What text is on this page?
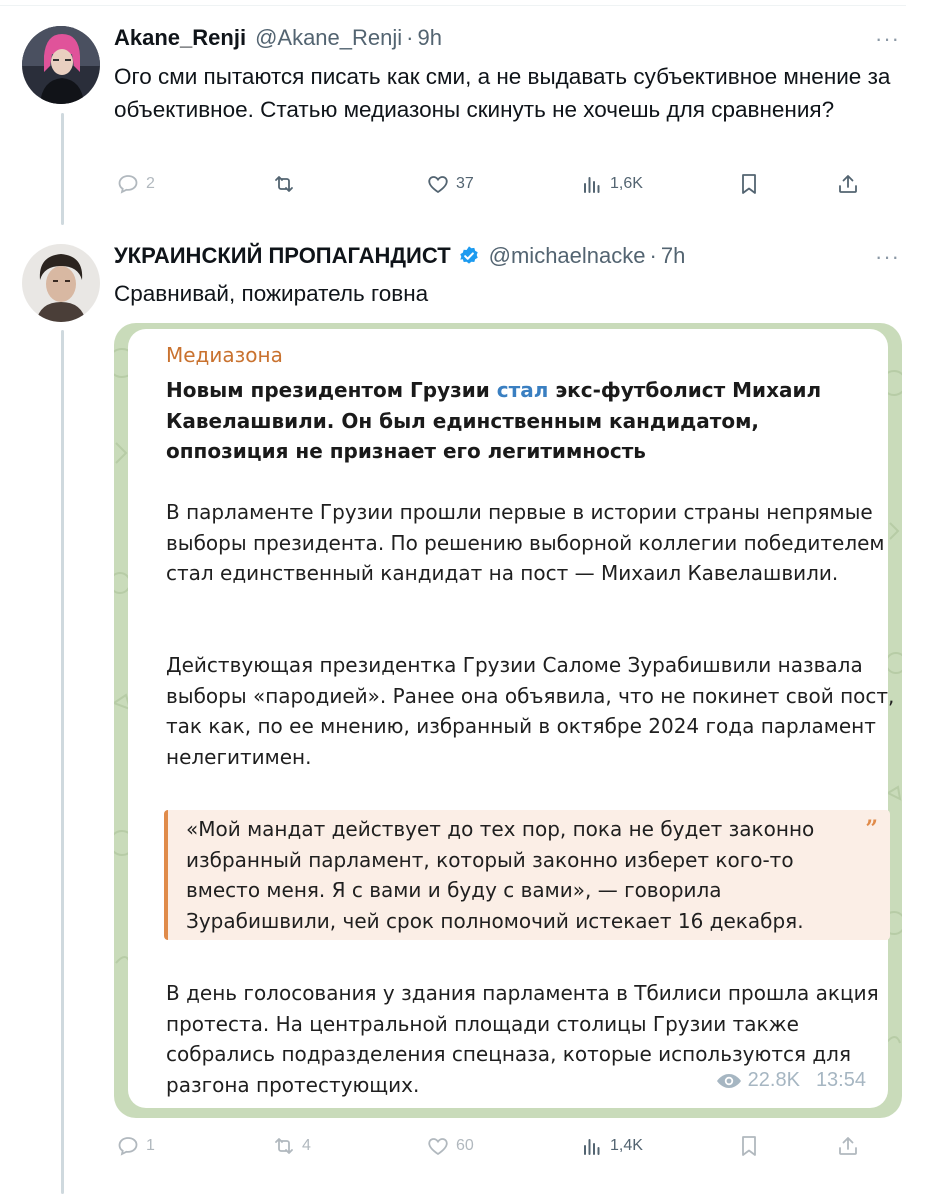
Akane_Renji @Akane_Renji · 9h	···
Ого сми пытаются писать как сми, а не выдавать субъективное мнение за объективное. Статью медиазоны скинуть не хочешь для сравнения?
2	37	1,6K
УКРАИНСКИЙ ПРОПАГАНДИСТ @michaelnacke · 7h	···
Сравнивай, пожиратель говна
Медиазона
Новым президентом Грузии стал экс-футболист Михаил Кавелашвили. Он был единственным кандидатом, оппозиция не признает его легитимность
В парламенте Грузии прошли первые в истории страны непрямые выборы президента. По решению выборной коллегии победителем стал единственный кандидат на пост — Михаил Кавелашвили.
Действующая президентка Грузии Саломе Зурабишвили назвала выборы «пародией». Ранее она объявила, что не покинет свой пост, так как, по ее мнению, избранный в октябре 2024 года парламент нелегитимен.
«Мой мандат действует до тех пор, пока не будет законно избранный парламент, который законно изберет кого-то вместо меня. Я с вами и буду с вами», — говорила Зурабишвили, чей срок полномочий истекает 16 декабря.
”
В день голосования у здания парламента в Тбилиси прошла акция протеста. На центральной площади столицы Грузии также собрались подразделения спецназа, которые используются для разгона протестующих.	22.8K 13:54
1	4	60	1,4K
